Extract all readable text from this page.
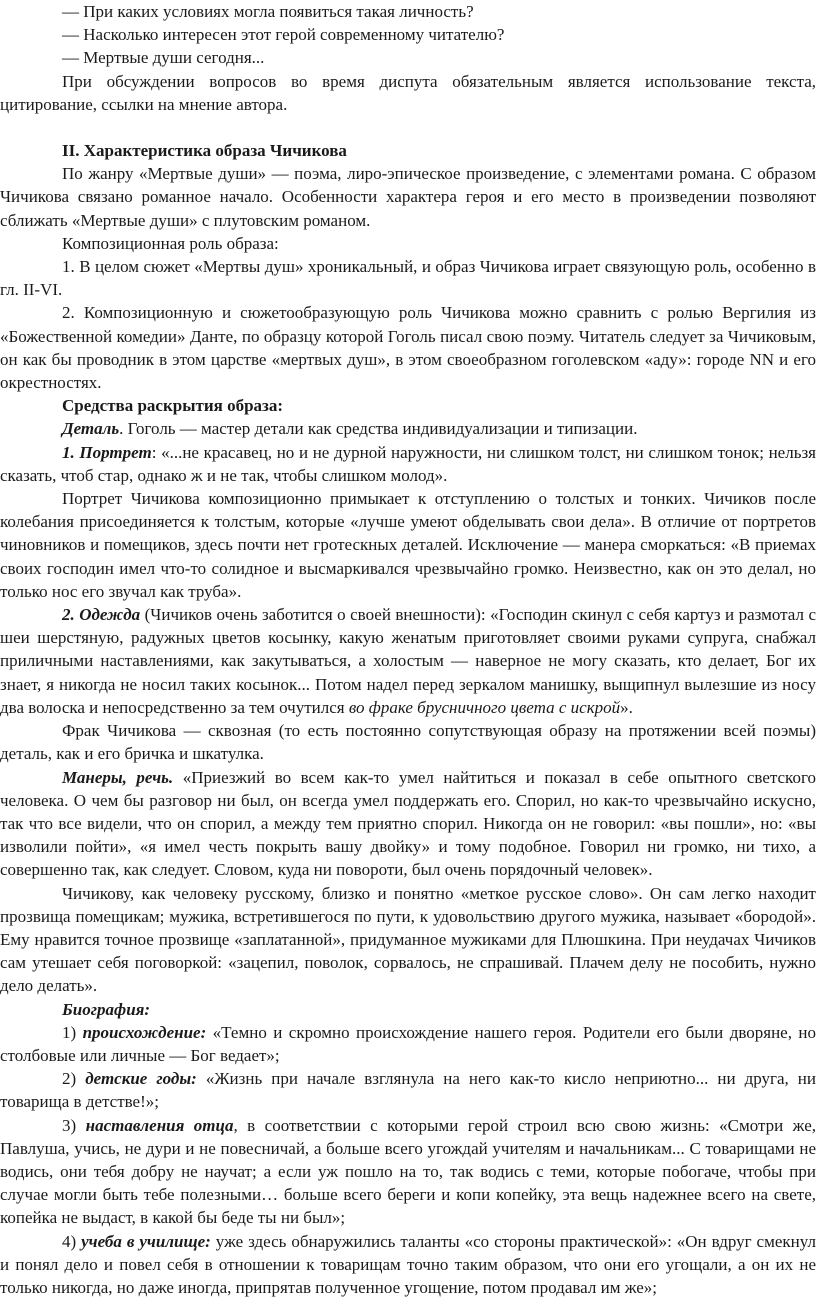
— При каких условиях могла появиться такая личность?

— Насколько интересен этот герой современному читателю?

— Мертвые души сегодня...

При обсуждении вопросов во время диспута обязательным является использование текста, цитирование, ссылки на мнение автора.

II. Характеристика образа Чичикова

По жанру «Мертвые души» — поэма, лиро-эпическое произведение, с элементами романа. С образом Чичикова связано романное начало. Особенности характера героя и его место в произведении позволяют сближать «Мертвые души» с плутовским романом.

Композиционная роль образа:

1. В целом сюжет «Мертвы душ» хроникальный, и образ Чичикова играет связующую роль, особенно в гл. II-VI.

2. Композиционную и сюжетообразующую роль Чичикова можно сравнить с ролью Вергилия из «Божественной комедии» Данте, по образцу которой Гоголь писал свою поэму. Читатель следует за Чичиковым, он как бы проводник в этом царстве «мертвых душ», в этом своеобразном гоголевском «аду»: городе NN и его окрестностях.

Средства раскрытия образа:

Деталь. Гоголь — мастер детали как средства индивидуализации и типизации.

1. Портрет: «...не красавец, но и не дурной наружности, ни слишком толст, ни слишком тонок; нельзя сказать, чтоб стар, однако ж и не так, чтобы слишком молод».

Портрет Чичикова композиционно примыкает к отступлению о толстых и тонких. Чичиков после колебания присоединяется к толстым, которые «лучше умеют обделывать свои дела». В отличие от портретов чиновников и помещиков, здесь почти нет гротескных деталей. Исключение — манера сморкаться: «В приемах своих господин имел что-то солидное и высмаркивался чрезвычайно громко. Неизвестно, как он это делал, но только нос его звучал как труба».

2. Одежда (Чичиков очень заботится о своей внешности): «Господин скинул с себя картуз и размотал с шеи шерстяную, радужных цветов косынку, какую женатым приготовляет своими руками супруга, снабжал приличными наставлениями, как закутываться, а холостым — наверное не могу сказать, кто делает, Бог их знает, я никогда не носил таких косынок... Потом надел перед зеркалом манишку, выщипнул вылезшие из носу два волоска и непосредственно за тем очутился во фраке брусничного цвета с искрой».

Фрак Чичикова — сквозная (то есть постоянно сопутствующая образу на протяжении всей поэмы) деталь, как и его бричка и шкатулка.

Манеры, речь. «Приезжий во всем как-то умел найтиться и показал в себе опытного светского человека. О чем бы разговор ни был, он всегда умел поддержать его. Спорил, но как-то чрезвычайно искусно, так что все видели, что он спорил, а между тем приятно спорил. Никогда он не говорил: «вы пошли», но: «вы изволили пойти», «я имел честь покрыть вашу двойку» и тому подобное. Говорил ни громко, ни тихо, а совершенно так, как следует. Словом, куда ни повороти, был очень порядочный человек».

Чичикову, как человеку русскому, близко и понятно «меткое русское слово». Он сам легко находит прозвища помещикам; мужика, встретившегося по пути, к удовольствию другого мужика, называет «бородой». Ему нравится точное прозвище «заплатанной», придуманное мужиками для Плюшкина. При неудачах Чичиков сам утешает себя поговоркой: «зацепил, поволок, сорвалось, не спрашивай. Плачем делу не пособить, нужно дело делать».

Биография:

1) происхождение: «Темно и скромно происхождение нашего героя. Родители его были дворяне, но столбовые или личные — Бог ведает»;

2) детские годы: «Жизнь при начале взглянула на него как-то кисло неприютно... ни друга, ни товарища в детстве!»;

3) наставления отца, в соответствии с которыми герой строил всю свою жизнь: «Смотри же, Павлуша, учись, не дури и не повесничай, а больше всего угождай учителям и начальникам... С товарищами не водись, они тебя добру не научат; а если уж пошло на то, так водись с теми, которые побогаче, чтобы при случае могли быть тебе полезными… больше всего береги и копи копейку, эта вещь надежнее всего на свете, копейка не выдаст, в какой бы беде ты ни был»;

4) учеба в училище: уже здесь обнаружились таланты «со стороны практической»: «Он вдруг смекнул и понял дело и повел себя в отношении к товарищам точно таким образом, что они его угощали, а он их не только никогда, но даже иногда, припрятав полученное угощение, потом продавал им же»;
